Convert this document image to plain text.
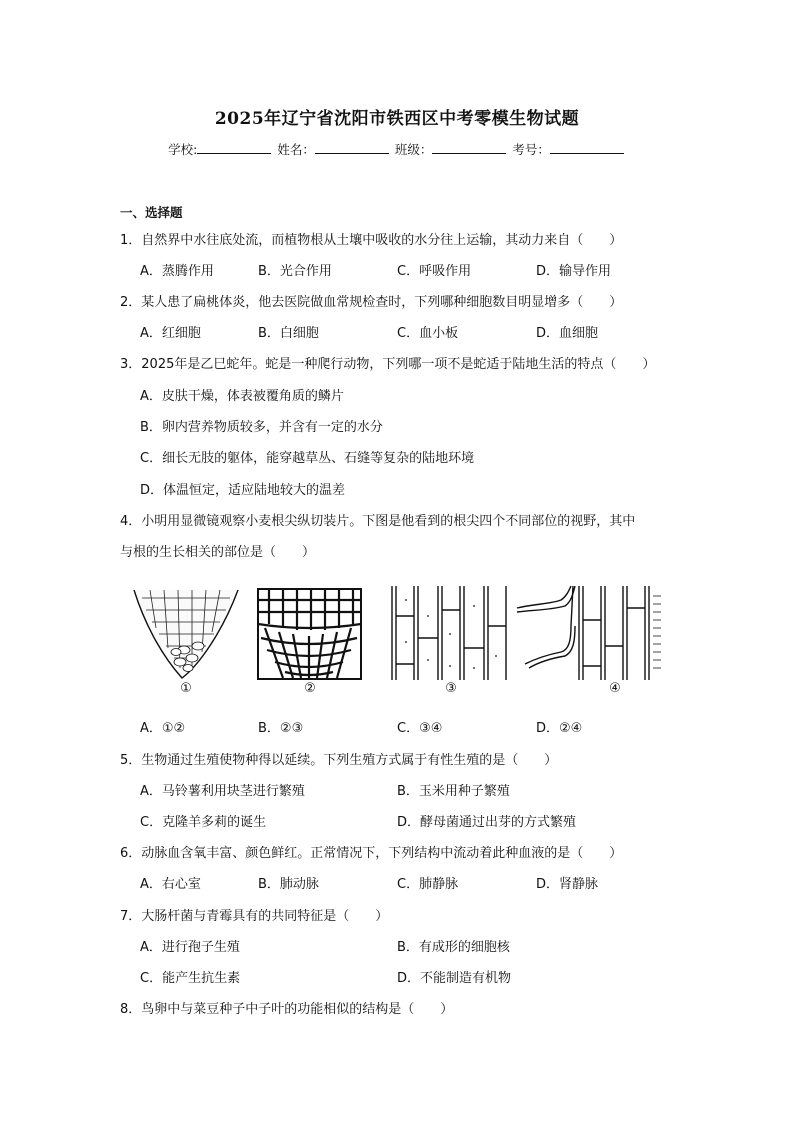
2025年辽宁省沈阳市铁西区中考零模生物试题
学校:	姓名：	班级：	考号：
一、选择题
1．自然界中水往底处流，而植物根从土壤中吸收的水分往上运输，其动力来自（　　）
A．蒸腾作用	B．光合作用	C．呼吸作用	D．输导作用
2．某人患了扁桃体炎，他去医院做血常规检查时，下列哪种细胞数目明显增多（　　）
A．红细胞	B．白细胞	C．血小板	D．血细胞
3．2025年是乙巳蛇年。蛇是一种爬行动物，下列哪一项不是蛇适于陆地生活的特点（　　）
A．皮肤干燥，体表被覆角质的鳞片
B．卵内营养物质较多，并含有一定的水分
C．细长无肢的躯体，能穿越草丛、石缝等复杂的陆地环境
D．体温恒定，适应陆地较大的温差
4．小明用显微镜观察小麦根尖纵切装片。下图是他看到的根尖四个不同部位的视野，其中
与根的生长相关的部位是（　　）
①	②	③	④
A．①②	B．②③	C．③④	D．②④
5．生物通过生殖使物种得以延续。下列生殖方式属于有性生殖的是（　　）
A．马铃薯利用块茎进行繁殖	B．玉米用种子繁殖
C．克隆羊多莉的诞生	D．酵母菌通过出芽的方式繁殖
6．动脉血含氧丰富、颜色鲜红。正常情况下，下列结构中流动着此种血液的是（　　）
A．右心室	B．肺动脉	C．肺静脉	D．肾静脉
7．大肠杆菌与青霉具有的共同特征是（　　）
A．进行孢子生殖	B．有成形的细胞核
C．能产生抗生素	D．不能制造有机物
8．鸟卵中与菜豆种子中子叶的功能相似的结构是（　　）
